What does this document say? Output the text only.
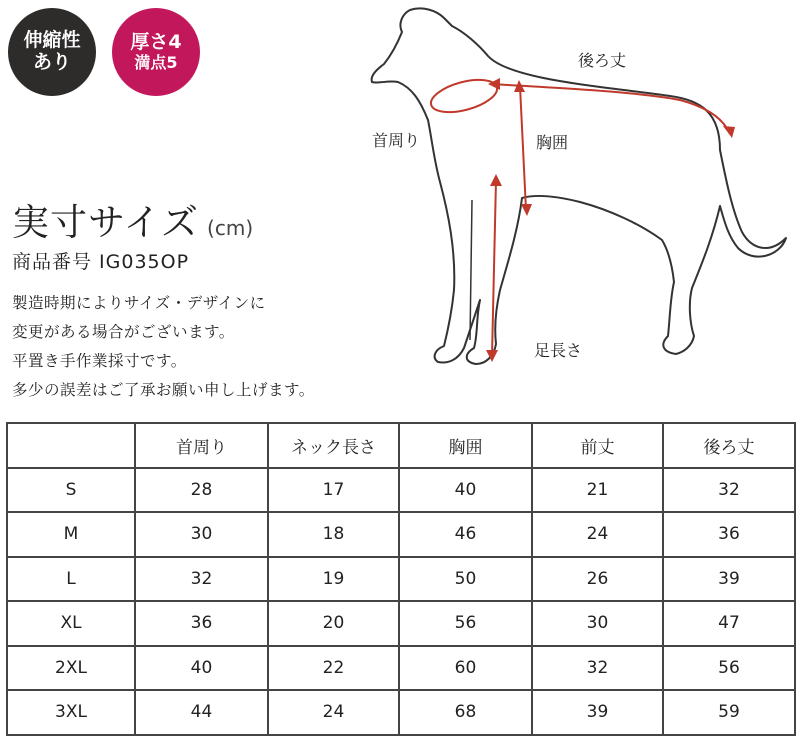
伸縮性
あり
厚さ4
満点5
実寸サイズ (cm)
商品番号 IG035OP
製造時期によりサイズ・デザインに
変更がある場合がございます。
平置き手作業採寸です。
多少の誤差はご了承お願い申し上げます。
後ろ丈
首周り	胸囲
足長さ
	首周り	ネック長さ	胸囲	前丈	後ろ丈
S	28	17	40	21	32
M	30	18	46	24	36
L	32	19	50	26	39
XL	36	20	56	30	47
2XL	40	22	60	32	56
3XL	44	24	68	39	59
